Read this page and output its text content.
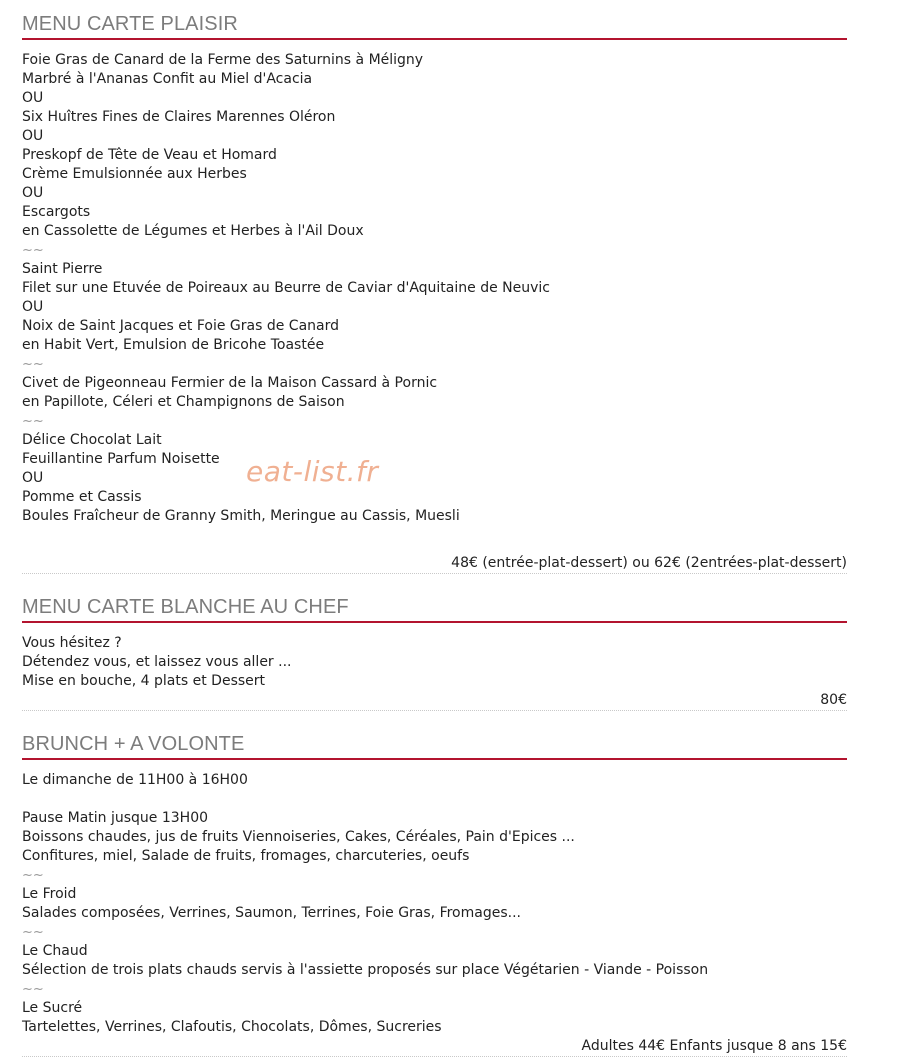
MENU CARTE PLAISIR
Foie Gras de Canard de la Ferme des Saturnins à Méligny
Marbré à l'Ananas Confit au Miel d'Acacia
OU
Six Huîtres Fines de Claires Marennes Oléron
OU
Preskopf de Tête de Veau et Homard
Crème Emulsionnée aux Herbes
OU
Escargots
en Cassolette de Légumes et Herbes à l'Ail Doux
~~
Saint Pierre
Filet sur une Etuvée de Poireaux au Beurre de Caviar d'Aquitaine de Neuvic
OU
Noix de Saint Jacques et Foie Gras de Canard
en Habit Vert, Emulsion de Bricohe Toastée
~~
Civet de Pigeonneau Fermier de la Maison Cassard à Pornic
en Papillote, Céleri et Champignons de Saison
~~
Délice Chocolat Lait
Feuillantine Parfum Noisette
OU
Pomme et Cassis
Boules Fraîcheur de Granny Smith, Meringue au Cassis, Muesli
48€ (entrée-plat-dessert) ou 62€ (2entrées-plat-dessert)
MENU CARTE BLANCHE AU CHEF
Vous hésitez ?
Détendez vous, et laissez vous aller ...
Mise en bouche, 4 plats et Dessert
80€
BRUNCH + A VOLONTE
Le dimanche de 11H00 à 16H00
Pause Matin jusque 13H00
Boissons chaudes, jus de fruits Viennoiseries, Cakes, Céréales, Pain d'Epices ...
Confitures, miel, Salade de fruits, fromages, charcuteries, oeufs
~~
Le Froid
Salades composées, Verrines, Saumon, Terrines, Foie Gras, Fromages...
~~
Le Chaud
Sélection de trois plats chauds servis à l'assiette proposés sur place Végétarien - Viande - Poisson
~~
Le Sucré
Tartelettes, Verrines, Clafoutis, Chocolats, Dômes, Sucreries
Adultes 44€ Enfants jusque 8 ans 15€
eat-list.fr
